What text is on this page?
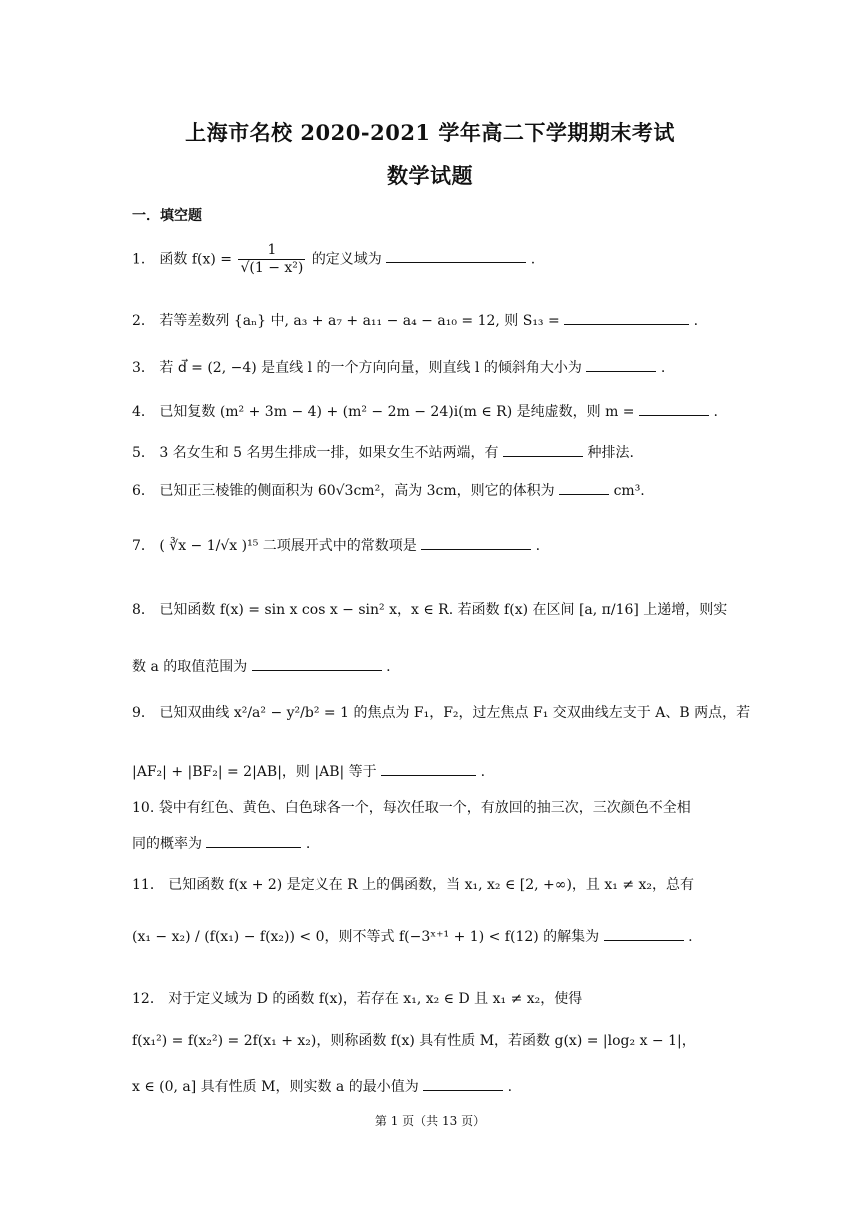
上海市名校 2020-2021 学年高二下学期期末考试
数学试题
一．填空题
1． 函数 $f(x) = \frac{1}{\text{√(1 − x²)}}$ 的定义域为	.
2． 若等差数列 {aₙ} 中, a₃ + a₇ + a₁₁ − a₄ − a₁₀ = 12, 则 S₁₃ =	.
3． 若 d⃗ = (2, −4) 是直线 l 的一个方向向量，则直线 l 的倾斜角大小为	.
4． 已知复数 (m² + 3m − 4) + (m² − 2m − 24)i(m ∈ R) 是纯虚数，则 m =	.
5． 3 名女生和 5 名男生排成一排，如果女生不站两端，有	种排法.
6． 已知正三棱锥的侧面积为 60√3cm²，高为 3cm，则它的体积为	cm³.
7． ( ∛x − 1/√x )¹⁵ 二项展开式中的常数项是	.
8． 已知函数 f(x) = sin x cos x − sin² x，x ∈ R. 若函数 f(x) 在区间 [a, π/16] 上递增，则实
数 a 的取值范围为	.
9． 已知双曲线 x²/a² − y²/b² = 1 的焦点为 F₁，F₂，过左焦点 F₁ 交双曲线左支于 A、B 两点，若
|AF₂| + |BF₂| = 2|AB|，则 |AB| 等于	.
10. 袋中有红色、黄色、白色球各一个，每次任取一个，有放回的抽三次，三次颜色不全相
同的概率为	.
11． 已知函数 f(x + 2) 是定义在 R 上的偶函数，当 x₁, x₂ ∈ [2, +∞)，且 x₁ ≠ x₂，总有
(x₁ − x₂) / (f(x₁) − f(x₂)) < 0，则不等式 f(−3ˣ⁺¹ + 1) < f(12) 的解集为	.
12． 对于定义域为 D 的函数 f(x)，若存在 x₁, x₂ ∈ D 且 x₁ ≠ x₂，使得
f(x₁²) = f(x₂²) = 2f(x₁ + x₂)，则称函数 f(x) 具有性质 M，若函数 g(x) = |log₂ x − 1|，
x ∈ (0, a] 具有性质 M，则实数 a 的最小值为	.
第 1 页（共 13 页）
